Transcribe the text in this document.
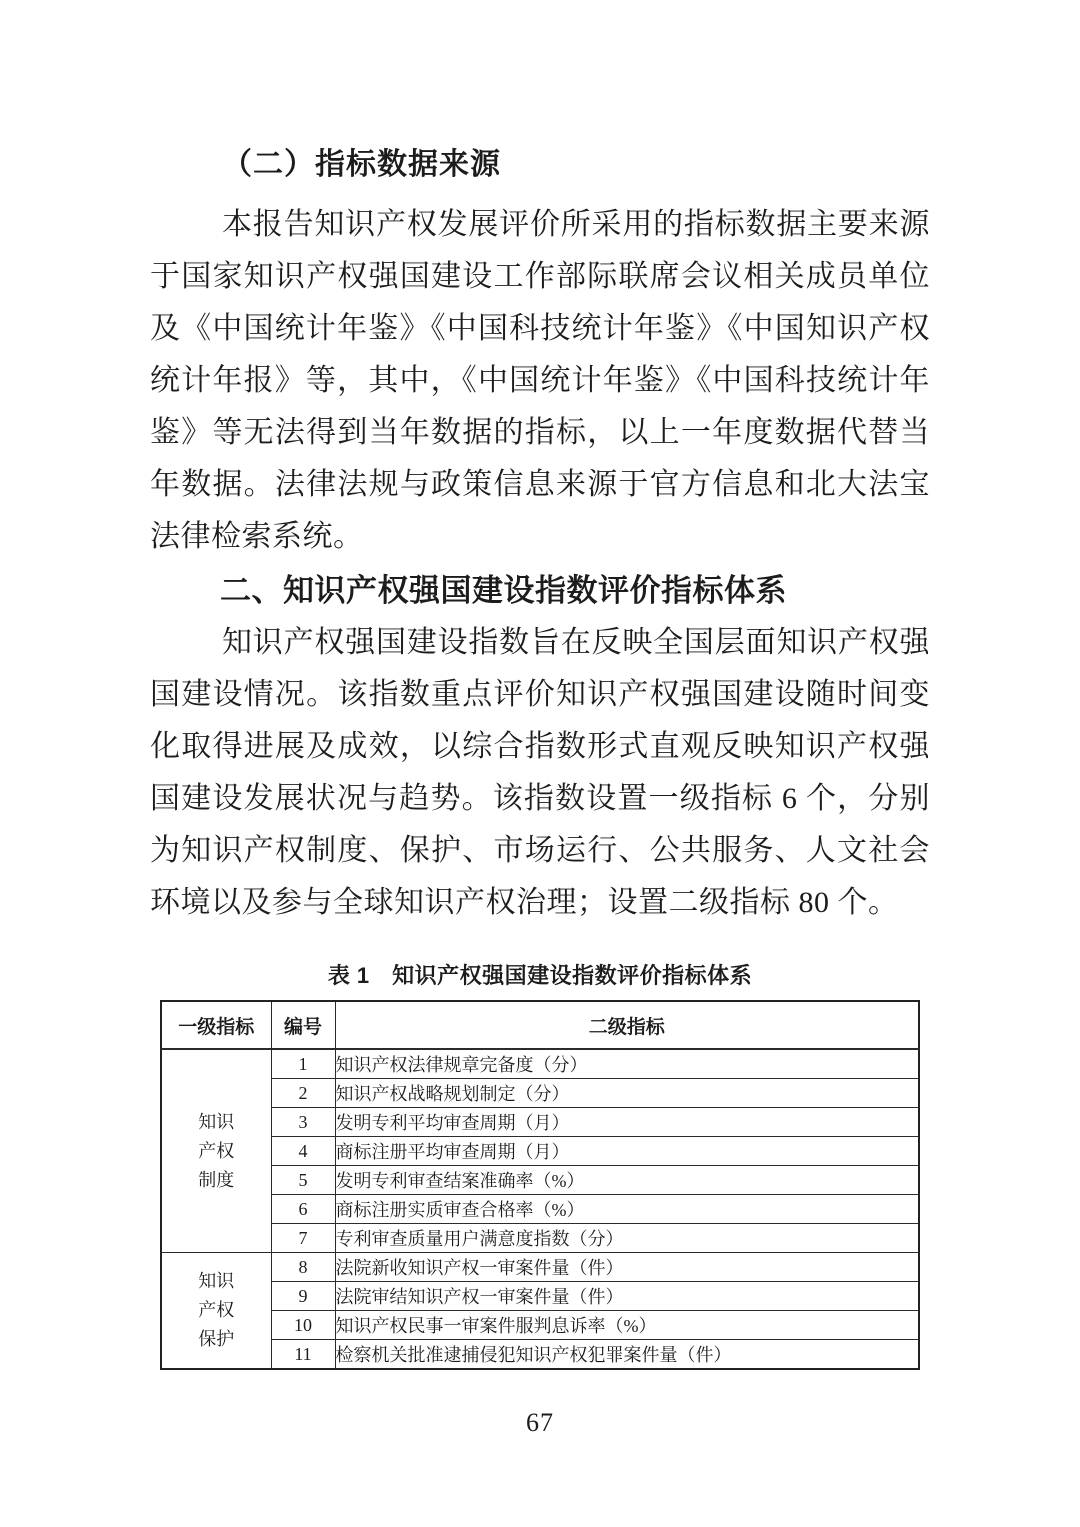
（二）指标数据来源

本报告知识产权发展评价所采用的指标数据主要来源于国家知识产权强国建设工作部际联席会议相关成员单位及《中国统计年鉴》《中国科技统计年鉴》《中国知识产权统计年报》等，其中，《中国统计年鉴》《中国科技统计年鉴》等无法得到当年数据的指标，以上一年度数据代替当年数据。法律法规与政策信息来源于官方信息和北大法宝法律检索系统。

二、知识产权强国建设指数评价指标体系

知识产权强国建设指数旨在反映全国层面知识产权强国建设情况。该指数重点评价知识产权强国建设随时间变化取得进展及成效，以综合指数形式直观反映知识产权强国建设发展状况与趋势。该指数设置一级指标 6 个，分别为知识产权制度、保护、市场运行、公共服务、人文社会环境以及参与全球知识产权治理；设置二级指标 80 个。

表 1　知识产权强国建设指数评价指标体系
一级指标	编号	二级指标

知识
产权
制度	1	知识产权法律规章完备度（分）
	2	知识产权战略规划制定（分）
	3	发明专利平均审查周期（月）
	4	商标注册平均审查周期（月）
	5	发明专利审查结案准确率（%）
	6	商标注册实质审查合格率（%）
	7	专利审查质量用户满意度指数（分）

知识
产权
保护	8	法院新收知识产权一审案件量（件）
	9	法院审结知识产权一审案件量（件）
	10	知识产权民事一审案件服判息诉率（%）
	11	检察机关批准逮捕侵犯知识产权犯罪案件量（件）
67
